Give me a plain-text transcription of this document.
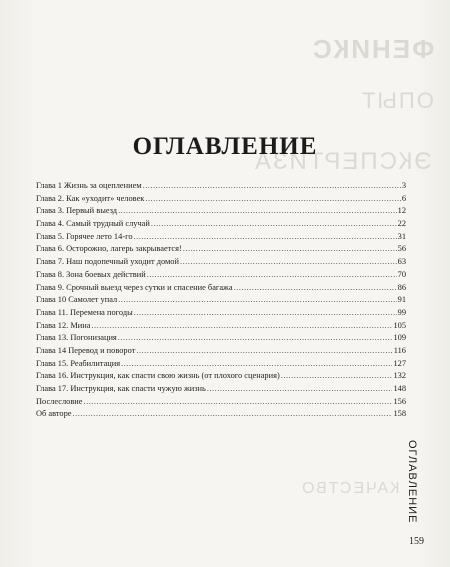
ФЕНИКС
ОПЫТ
ЭКСПЕРТИЗА
КАЧЕСТВО
ОГЛАВЛЕНИЕ
Глава 1 Жизнь за оцеплением .....	3
Глава 2. Как «уходит» человек .....	6
Глава 3. Первый выезд .....	12
Глава 4. Самый трудный случай .....	22
Глава 5. Горячее лето 14-го .....	31
Глава 6. Осторожно, лагерь закрывается! .....	56
Глава 7. Наш подопечный уходит домой .....	63
Глава 8. Зона боевых действий .....	70
Глава 9. Срочный выезд через сутки и спасение багажа .....	86
Глава 10 Самолет упал .....	91
Глава 11. Перемена погоды .....	99
Глава 12. Мина .....	105
Глава 13. Погонизация .....	109
Глава 14 Перевод и поворот .....	116
Глава 15. Реабилитация .....	127
Глава 16. Инструкция, как спасти свою жизнь (от плохого сценария) .....	132
Глава 17. Инструкция, как спасти чужую жизнь .....	148
Послесловие .....	156
Об авторе .....	158
ОГЛАВЛЕНИЕ
159
